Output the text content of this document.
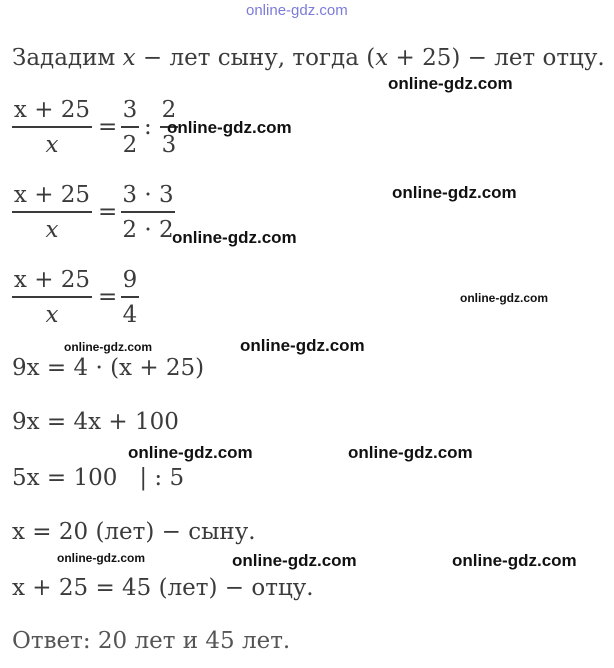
online-gdz.com
Зададим x − лет сыну, тогда (x + 25) − лет отцу.
x + 25
x
=
3
2
:
2
3
x + 25
x
=
3 · 3
2 · 2
x + 25
x
=
9
4
9x = 4 · (x + 25)
9x = 4x + 100
5x = 100   | : 5
x = 20 (лет) − сыну.
x + 25 = 45 (лет) − отцу.
Ответ: 20 лет и 45 лет.
online-gdz.com
online-gdz.com
online-gdz.com
online-gdz.com
online-gdz.com
online-gdz.com	online-gdz.com
online-gdz.com	online-gdz.com
online-gdz.com	online-gdz.com	online-gdz.com
